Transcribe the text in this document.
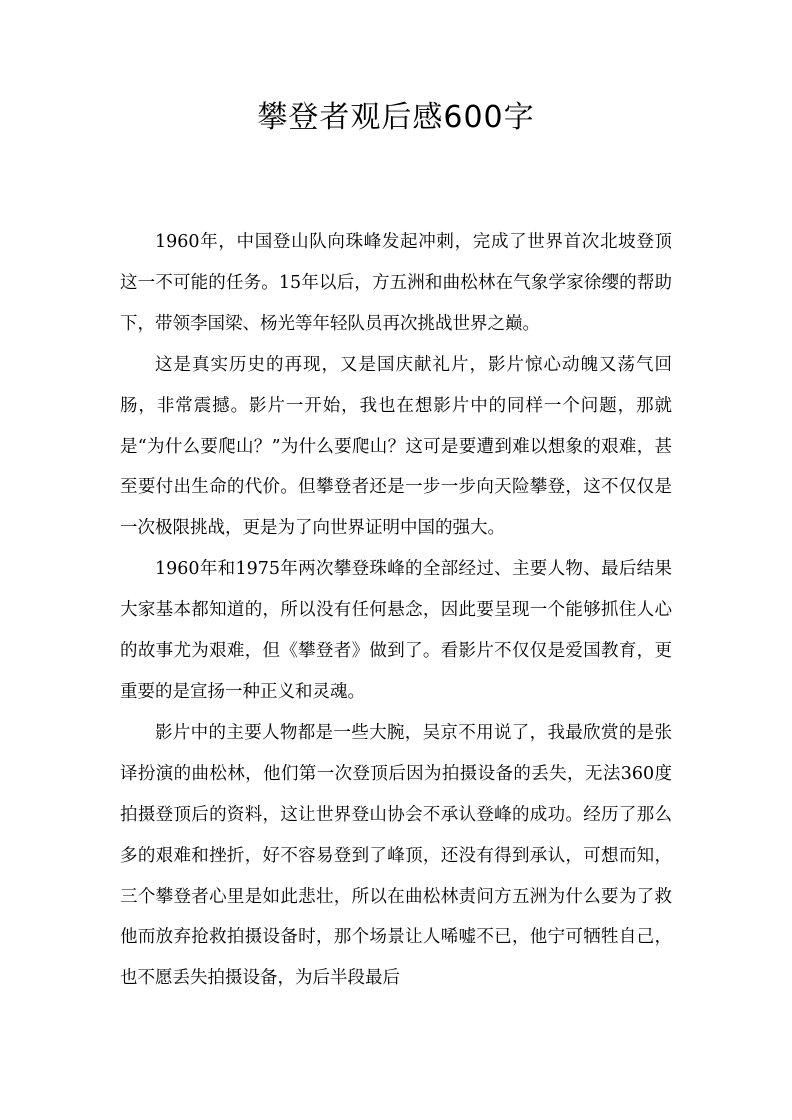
攀登者观后感600字

1960年，中国登山队向珠峰发起冲刺，完成了世界首次北坡登顶这一不可能的任务。15年以后，方五洲和曲松林在气象学家徐缨的帮助下，带领李国梁、杨光等年轻队员再次挑战世界之巅。

这是真实历史的再现，又是国庆献礼片，影片惊心动魄又荡气回肠，非常震撼。影片一开始，我也在想影片中的同样一个问题，那就是“为什么要爬山？”为什么要爬山？这可是要遭到难以想象的艰难，甚至要付出生命的代价。但攀登者还是一步一步向天险攀登，这不仅仅是一次极限挑战，更是为了向世界证明中国的强大。

1960年和1975年两次攀登珠峰的全部经过、主要人物、最后结果大家基本都知道的，所以没有任何悬念，因此要呈现一个能够抓住人心的故事尤为艰难，但《攀登者》做到了。看影片不仅仅是爱国教育，更重要的是宣扬一种正义和灵魂。

影片中的主要人物都是一些大腕，吴京不用说了，我最欣赏的是张译扮演的曲松林，他们第一次登顶后因为拍摄设备的丢失，无法360度拍摄登顶后的资料，这让世界登山协会不承认登峰的成功。经历了那么多的艰难和挫折，好不容易登到了峰顶，还没有得到承认，可想而知，三个攀登者心里是如此悲壮，所以在曲松林责问方五洲为什么要为了救他而放弃抢救拍摄设备时，那个场景让人唏嘘不已，他宁可牺牲自己，也不愿丢失拍摄设备，为后半段最后
